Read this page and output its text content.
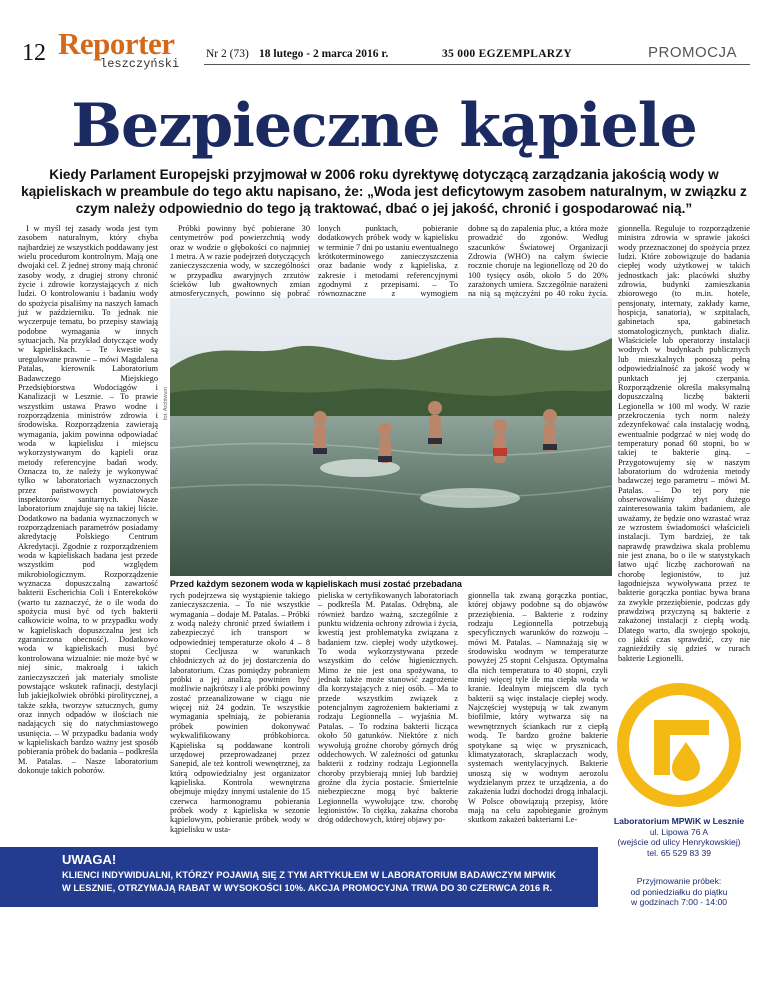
12 Reporter
leszczyński
Nr 2 (73) 18 lutego - 2 marca 2016 r.	35 000 EGZEMPLARZY	PROMOCJA
Bezpieczne kąpiele
Kiedy Parlament Europejski przyjmował w 2006 roku dyrektywę dotyczącą zarządzania jakością wody w kąpieliskach w preambule do tego aktu napisano, że: „Woda jest deficytowym zasobem naturalnym, w związku z czym należy odpowiednio do tego ją traktować, dbać o jej jakość, chronić i gospodarować nią.”

I w myśl tej zasady woda jest tym zasobem naturalnym, który chyba najbardziej ze wszystkich poddawany jest wielu procedurom kontrolnym. Mają one dwojaki cel. Z jednej strony mają chronić zasoby wody, z drugiej strony chronić życie i zdrowie korzystających z nich ludzi. O kontrolowaniu i badaniu wody do spożycia pisaliśmy na naszych łamach już w październiku. To jednak nie wyczerpuje tematu, bo przepisy stawiają podobne wymagania w innych sytuacjach. Na przykład dotyczące wody w kąpieliskach. – Te kwestie są uregulowane prawnie – mówi Magdalena Patalas, kierownik Laboratorium Badawczego Miejskiego Przedsiębiorstwa Wodociągów i Kanalizacji w Lesznie. – To prawie wszystkim ustawa Prawo wodne i rozporządzenia ministrów zdrowia i środowiska. Rozporządzenia zawierają wymagania, jakim powinna odpowiadać woda w kąpielisku i miejscu wykorzystywanym do kąpieli oraz metody referencyjne badań wody. Oznacza to, że należy je wykonywać tylko w laboratoriach wyznaczonych przez państwowych powiatowych inspektorów sanitarnych. Nasze laboratorium znajduje się na takiej liście. Dodatkowo na badania wyznaczonych w rozporządzeniach parametrów posiadamy akredytację Polskiego Centrum Akredytacji. Zgodnie z rozporządzeniem woda w kąpieliskach badana jest przede wszystkim pod względem mikrobiologicznym. Rozporządzenie wyznacza dopuszczalną zawartość bakterii Escherichia Coli i Enterekoków (warto tu zaznaczyć, że o ile woda do spożycia musi być od tych bakterii całkowicie wolna, to w przypadku wody w kąpieliskach dopuszczalna jest ich zgaraniczona obecność). Dodatkowo woda w kąpieliskach musi być kontrolowana wizualnie: nie może być w niej sinic, makroalg i takich zanieczyszczeń jak materiały smoliste powstające wskutek rafinacji, destylacji lub jakiejkolwiek obróbki pirolitycznej, a także szkła, tworzyw sztucznych, gumy oraz innych odpadów w ilościach nie nadających się do natychmiastowego usunięcia. – W przypadku badania wody w kąpieliskach bardzo ważny jest sposób pobierania próbek do badania – podkreśla M. Patalas. – Nasze laboratorium dokonuje takich poborów.

Próbki powinny być pobierane 30 centymetrów pod powierzchnią wody oraz w wodzie o głębokości co najmniej 1 metra. A w razie podejrzeń dotyczących zanieczyszczenia wody, w szczególności w przypadku awaryjnych zrzutów ścieków lub gwałtownych zmian atmosferycznych, powinno się pobrać

lonych punktach, pobieranie dodatkowych próbek wody w kąpielisku w terminie 7 dni po ustaniu ewentualnego krótkoterminowego zanieczyszczenia oraz badanie wody z kąpieliska, z zakresie i metodami referencyjnymi zgodnymi z przepisami. – To równoznaczne z wymogiem

dobne są do zapalenia płuc, a która może prowadzić do zgonów. Według szacunków Światowej Organizacji Zdrowia (WHO) na całym świecie rocznie choruje na legionellozę od 20 do 100 tysięcy osób, około 5 do 20% zarażonych umiera. Szczególnie narażeni na nią są mężczyźni po 40 roku życia.

gionnella. Reguluje to rozporządzenie ministra zdrowia w sprawie jakości wody przeznaczonej do spożycia przez ludzi. Które zobowiązuje do badania ciepłej wody użytkowej w takich jednostkach jak: placówki służby zdrowia, budynki zamieszkania zbiorowego (to m.in. hotele, pensjonaty, internaty, zakłady karne, hospicja, sanatoria), w szpitalach, gabinetach spa, gabinetach stomatologicznych, punktach dializ. Właściciele lub operatorzy instalacji wodnych w budynkach publicznych lub mieszkalnych ponoszą pełną odpowiedzialność za jakość wody w punktach jej czerpania. Rozporządzenie określa maksymalną dopuszczalną liczbę bakterii Legionella w 100 ml wody. W razie przekroczenia tych norm należy zdezynfekować cała instalację wodną, ewentualnie podgrzać w niej wodę do temperatury ponad 60 stopni, bo w takiej te bakterie giną. – Przygotowujemy się w naszym laboratorium do wdrożenia metody badawczej tego parametru – mówi M. Patalas. – Do tej pory nie obserwowaliśmy zbyt dużego zainteresowania takim badaniem, ale uważamy, że będzie ono wzrastać wraz ze wzrostem świadomości właścicieli instalacji. Tym bardziej, że tak naprawdę prawdziwa skala problemu nie jest znana, bo o ile w statystykach łatwo ująć liczbę zachorowań na chorobę legionistów, to już łagodniejsza wywoływana przez te bakterie gorączka pontiac bywa brana za zwykłe przeziębienie, podczas gdy prawdziwą przyczyną są bakterie z zakażonej instalacji z ciepłą wodą. Dlatego warto, dla swojego spokoju, co jakiś czas sprawdzić, czy nie zagnieździły się gdzieś w rurach bakterie Legionelli.

rych podejrzewa się wystąpienie takiego zanieczyszczenia. – To nie wszystkie wymagania – dodaje M. Patalas. – Próbki z wodą należy chronić przed światłem i zabezpieczyć ich transport w odpowiedniej temperaturze około 4 – 8 stopni Cecljusza w warunkach chłodniczych aż do jej dostarczenia do laboratorium. Czas pomiędzy pobraniem próbki a jej analizą powinien być możliwie najkrótszy i ale próbki powinny zostać przeanalizowane w ciągu nie więcej niż 24 godzin. Te wszystkie wymagania spełniają, że pobierania próbek powinien dokonywać wykwalifikowany próbkobiorca. Kąpieliska są poddawane kontroli urzędowej przeprowadzanej przez Sanepid, ale też kontroli wewnętrznej, za którą odpowiedzialny jest organizator kąpieliska. Kontrola wewnętrzna obejmuje między innymi ustalenie do 15 czerwca harmonogramu pobierania próbek wody z kąpieliska w sezonie kąpielowym, pobieranie próbek wody w kąpielisku w usta-

pieliska w certyfikowanych laboratoriach – podkreśla M. Patalas. Odrębną, ale również bardzo ważną, szczególnie z punktu widzenia ochrony zdrowia i życia, kwestią jest problematyka związana z badaniem tzw. ciepłej wody użytkowej. To woda wykorzystywana przede wszystkim do celów higienicznych. Mimo że nie jest ona spożywana, to jednak także może stanowić zagrożenie dla korzystających z niej osób. – Ma to przede wszystkim związek z potencjalnym zagrożeniem bakteriami z rodzaju Legionnella – wyjaśnia M. Patalas. – To rodzina bakterii licząca około 50 gatunków. Niektóre z nich wywołują groźne choroby górnych dróg oddechowych. W zależności od gatunku bakterii z rodziny rodzaju Legionnella choroby przybierają mniej lub bardziej groźne dla życia postacie. Śmiertelnie niebezpieczne mogą być bakterie Legionnella wywołujące tzw. chorobę legionistów. To ciężka, zakaźna choroba dróg oddechowych, której objawy po-

gionnella tak zwaną gorączka pontiac, której objawy podobne są do objawów przeziębienia. – Bakterie z rodziny rodzaju Legionnella potrzebują specyficznych warunków do rozwoju – mówi M. Patalas. – Namnażają się w środowisku wodnym w temperaturze powyżej 25 stopni Celsjusza. Optymalna dla nich temperatura to 40 stopni, czyli mniej więcej tyle ile ma ciepła woda w kranie. Idealnym miejscem dla tych bakterii są więc instalacje ciepłej wody. Najczęściej występują w tak zwanym biofilmie, który wytwarza się na wewnętrznych ściankach rur z ciepłą wodą. Te bardzo groźne bakterie spotykane są więc w prysznicach, klimatyzatorach, skraplaczach wody, systemach wentylacyjnych. Bakterie unoszą się w wodnym aerozolu wydzielanym przez te urządzenia, a do zakażenia ludzi dochodzi drogą inhalacji. W Polsce obowiązują przepisy, które mają na celu zapobieganie groźnym skutkom zakażeń bakteriami Le-

fot. Archiwum
Przed każdym sezonem woda w kąpieliskach musi zostać przebadana
Laboratorium MPWiK w Lesznie
ul. Lipowa 76 A
(wejście od ulicy Henrykowskiej)
tel. 65 529 83 39
Przyjmowanie próbek:
od poniedziałku do piątku
w godzinach 7:00 - 14:00
UWAGA!
KLIENCI INDYWIDUALNI, KTÓRZY POJAWIĄ SIĘ Z TYM ARTYKUŁEM W LABORATORIUM BADAWCZYM MPWIK
W LESZNIE, OTRZYMAJĄ RABAT W WYSOKOŚCI 10%. AKCJA PROMOCYJNA TRWA DO 30 CZERWCA 2016 R.
